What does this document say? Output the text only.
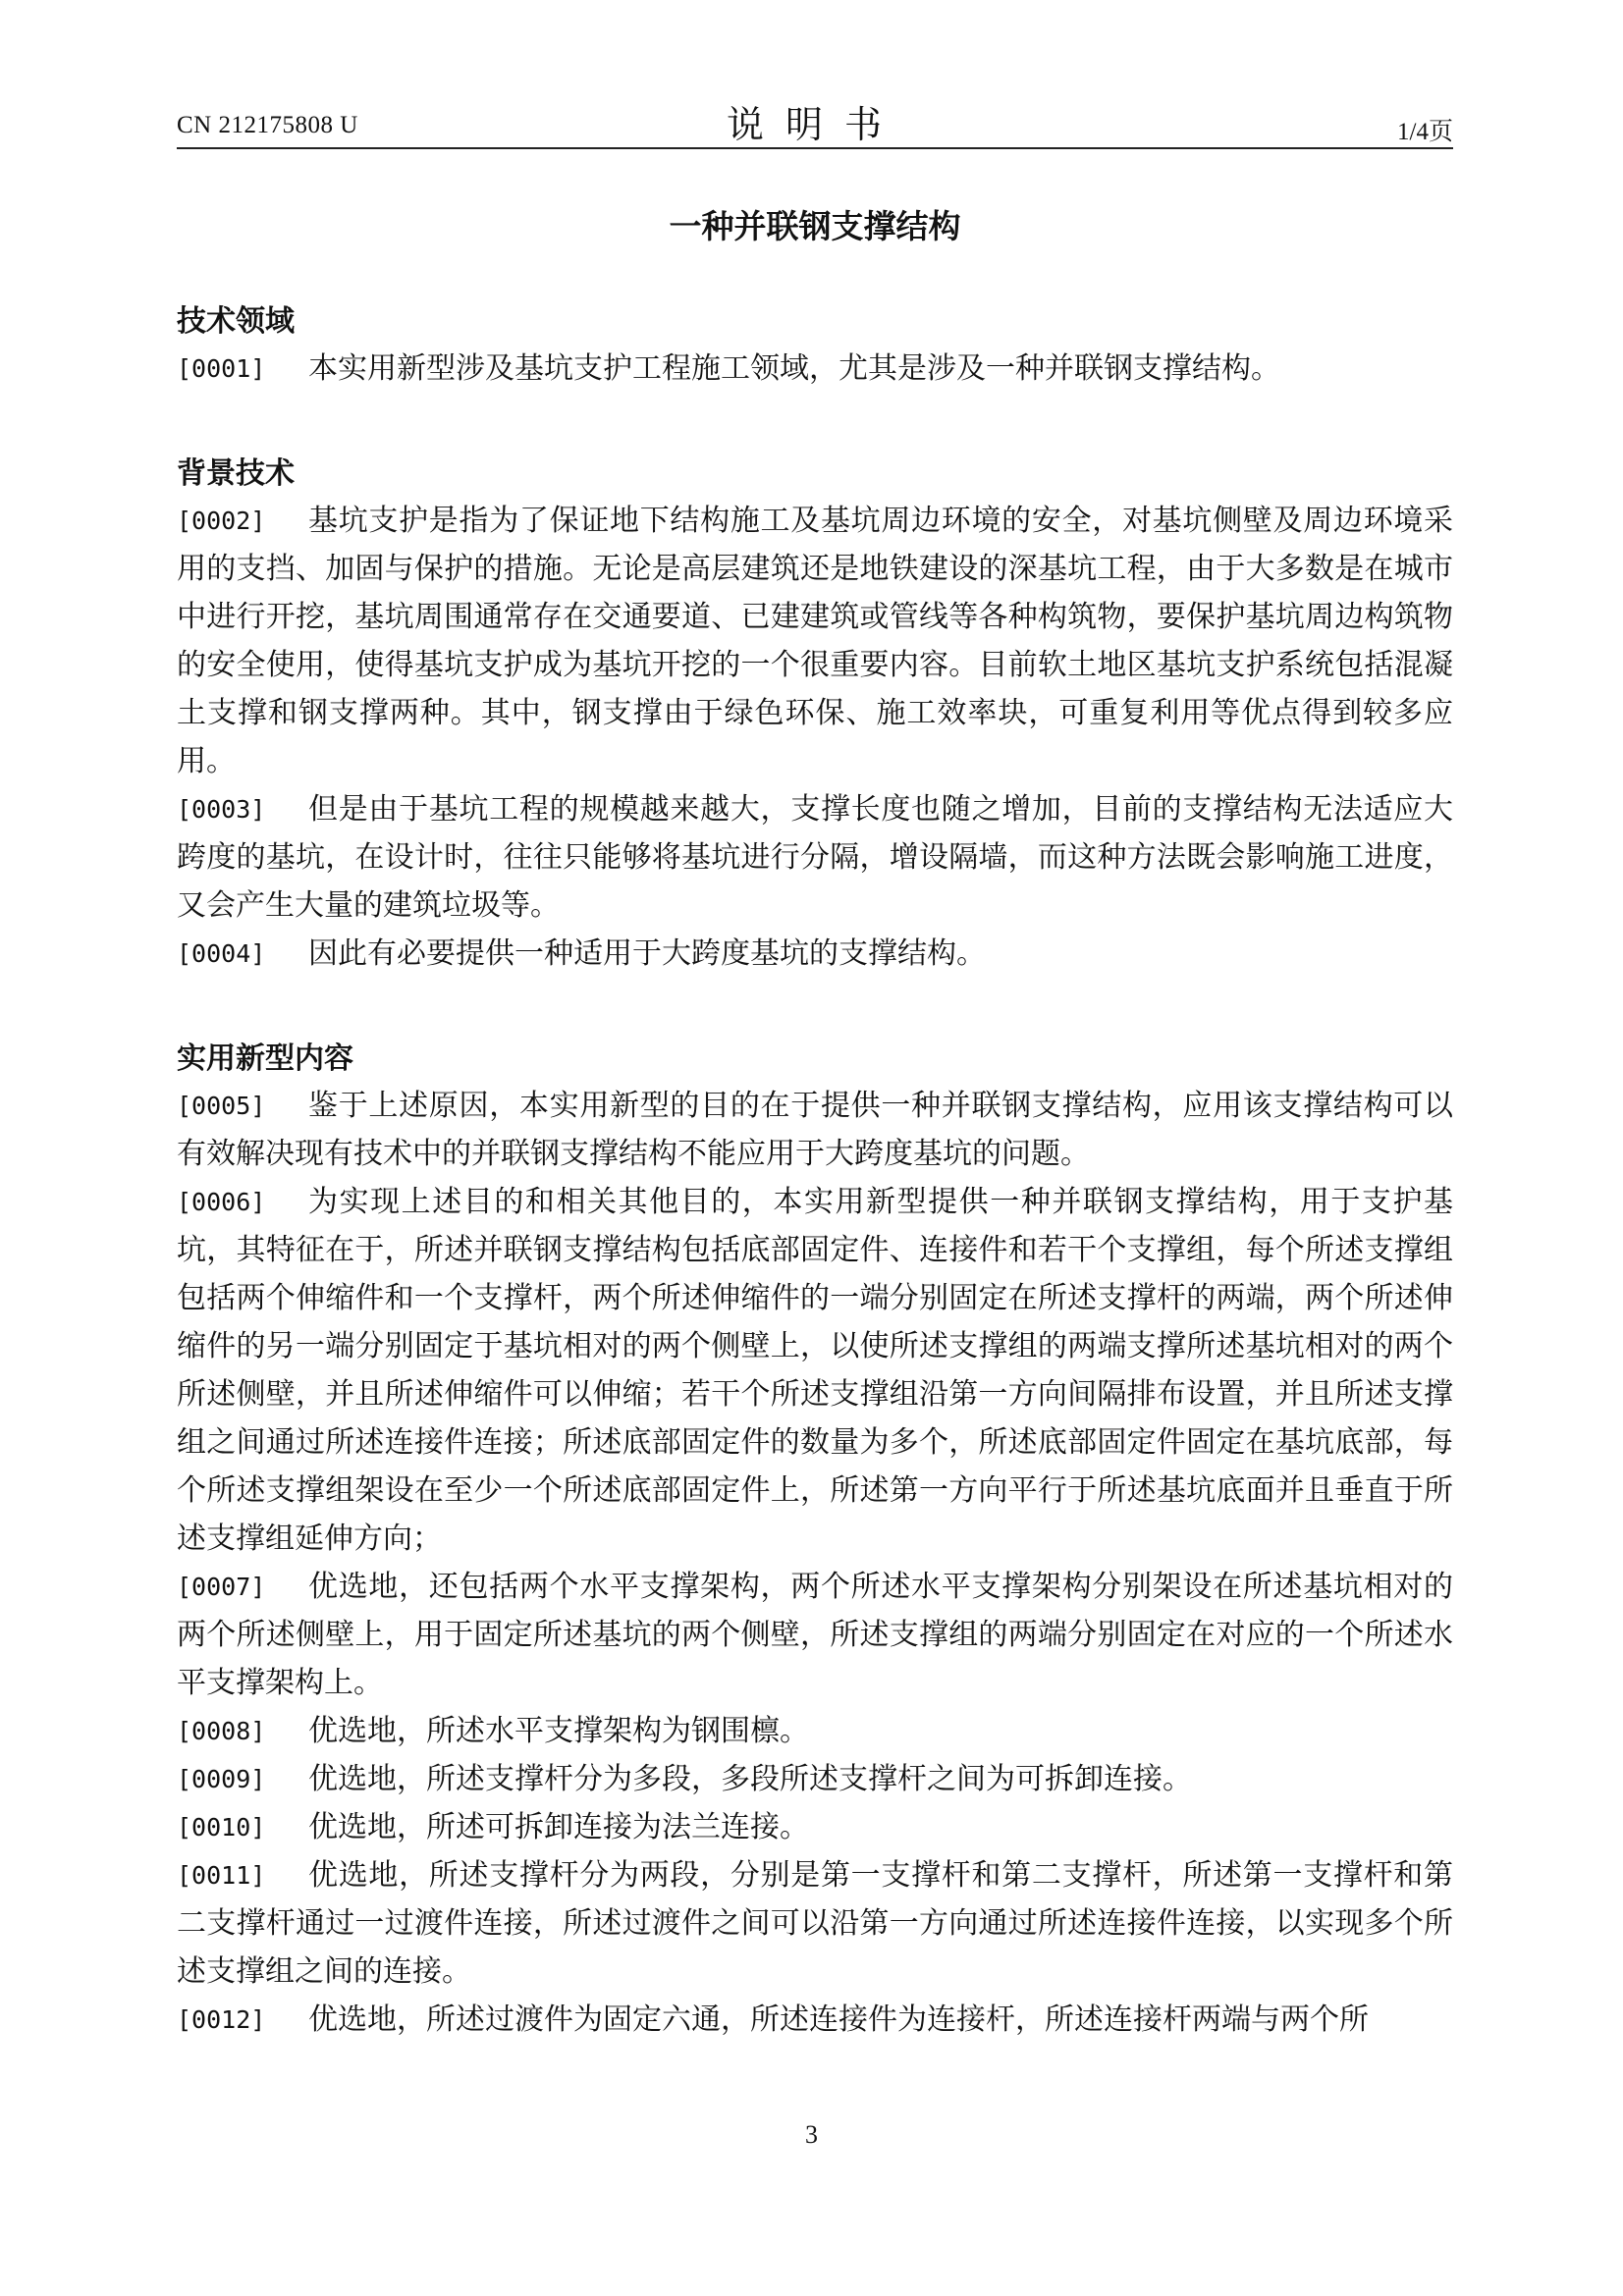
CN 212175808 U	说明书	1/4页
一种并联钢支撑结构
技术领域
[0001]	本实用新型涉及基坑支护工程施工领域，尤其是涉及一种并联钢支撑结构。
背景技术
[0002]	基坑支护是指为了保证地下结构施工及基坑周边环境的安全，对基坑侧壁及周边环境采用的支挡、加固与保护的措施。无论是高层建筑还是地铁建设的深基坑工程，由于大多数是在城市中进行开挖，基坑周围通常存在交通要道、已建建筑或管线等各种构筑物，要保护基坑周边构筑物的安全使用，使得基坑支护成为基坑开挖的一个很重要内容。目前软土地区基坑支护系统包括混凝土支撑和钢支撑两种。其中，钢支撑由于绿色环保、施工效率块，可重复利用等优点得到较多应用。
[0003]	但是由于基坑工程的规模越来越大，支撑长度也随之增加，目前的支撑结构无法适应大跨度的基坑，在设计时，往往只能够将基坑进行分隔，增设隔墙，而这种方法既会影响施工进度，又会产生大量的建筑垃圾等。
[0004]	因此有必要提供一种适用于大跨度基坑的支撑结构。
实用新型内容
[0005]	鉴于上述原因，本实用新型的目的在于提供一种并联钢支撑结构，应用该支撑结构可以有效解决现有技术中的并联钢支撑结构不能应用于大跨度基坑的问题。
[0006]	为实现上述目的和相关其他目的，本实用新型提供一种并联钢支撑结构，用于支护基坑，其特征在于，所述并联钢支撑结构包括底部固定件、连接件和若干个支撑组，每个所述支撑组包括两个伸缩件和一个支撑杆，两个所述伸缩件的一端分别固定在所述支撑杆的两端，两个所述伸缩件的另一端分别固定于基坑相对的两个侧壁上，以使所述支撑组的两端支撑所述基坑相对的两个所述侧壁，并且所述伸缩件可以伸缩；若干个所述支撑组沿第一方向间隔排布设置，并且所述支撑组之间通过所述连接件连接；所述底部固定件的数量为多个，所述底部固定件固定在基坑底部，每个所述支撑组架设在至少一个所述底部固定件上，所述第一方向平行于所述基坑底面并且垂直于所述支撑组延伸方向；
[0007]	优选地，还包括两个水平支撑架构，两个所述水平支撑架构分别架设在所述基坑相对的两个所述侧壁上，用于固定所述基坑的两个侧壁，所述支撑组的两端分别固定在对应的一个所述水平支撑架构上。
[0008]	优选地，所述水平支撑架构为钢围檩。
[0009]	优选地，所述支撑杆分为多段，多段所述支撑杆之间为可拆卸连接。
[0010]	优选地，所述可拆卸连接为法兰连接。
[0011]	优选地，所述支撑杆分为两段，分别是第一支撑杆和第二支撑杆，所述第一支撑杆和第二支撑杆通过一过渡件连接，所述过渡件之间可以沿第一方向通过所述连接件连接，以实现多个所述支撑组之间的连接。
[0012]	优选地，所述过渡件为固定六通，所述连接件为连接杆，所述连接杆两端与两个所
3
